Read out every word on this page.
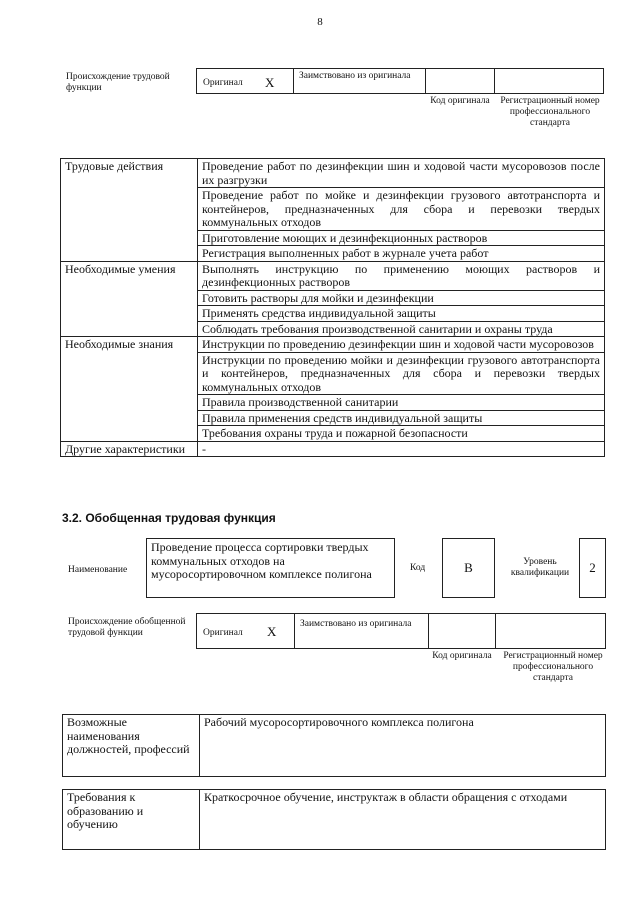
8
Происхождение трудовой функции	Оригинал X	Заимствовано из оригинала
Код оригинала Регистрационный номер профессионального стандарта
Трудовые действия	Проведение работ по дезинфекции шин и ходовой части мусоровозов после их разгрузки
	Проведение работ по мойке и дезинфекции грузового автотранспорта и контейнеров, предназначенных для сбора и перевозки твердых коммунальных отходов
	Приготовление моющих и дезинфекционных растворов
	Регистрация выполненных работ в журнале учета работ
Необходимые умения	Выполнять инструкцию по применению моющих растворов и дезинфекционных растворов
	Готовить растворы для мойки и дезинфекции
	Применять средства индивидуальной защиты
	Соблюдать требования производственной санитарии и охраны труда
Необходимые знания	Инструкции по проведению дезинфекции шин и ходовой части мусоровозов
	Инструкции по проведению мойки и дезинфекции грузового автотранспорта и контейнеров, предназначенных для сбора и перевозки твердых коммунальных отходов
	Правила производственной санитарии
	Правила применения средств индивидуальной защиты
	Требования охраны труда и пожарной безопасности
Другие характеристики	-
3.2. Обобщенная трудовая функция
Наименование
Проведение процесса сортировки твердых коммунальных отходов на мусоросортировочном комплексе полигона	Код	B	Уровень квалификации	2
Происхождение обобщенной трудовой функции	Оригинал X Заимствовано из оригинала
Код оригинала Регистрационный номер профессионального стандарта
Возможные наименования должностей, профессий	Рабочий мусоросортировочного комплекса полигона
Требования к образованию и обучению	Краткосрочное обучение, инструктаж в области обращения с отходами
